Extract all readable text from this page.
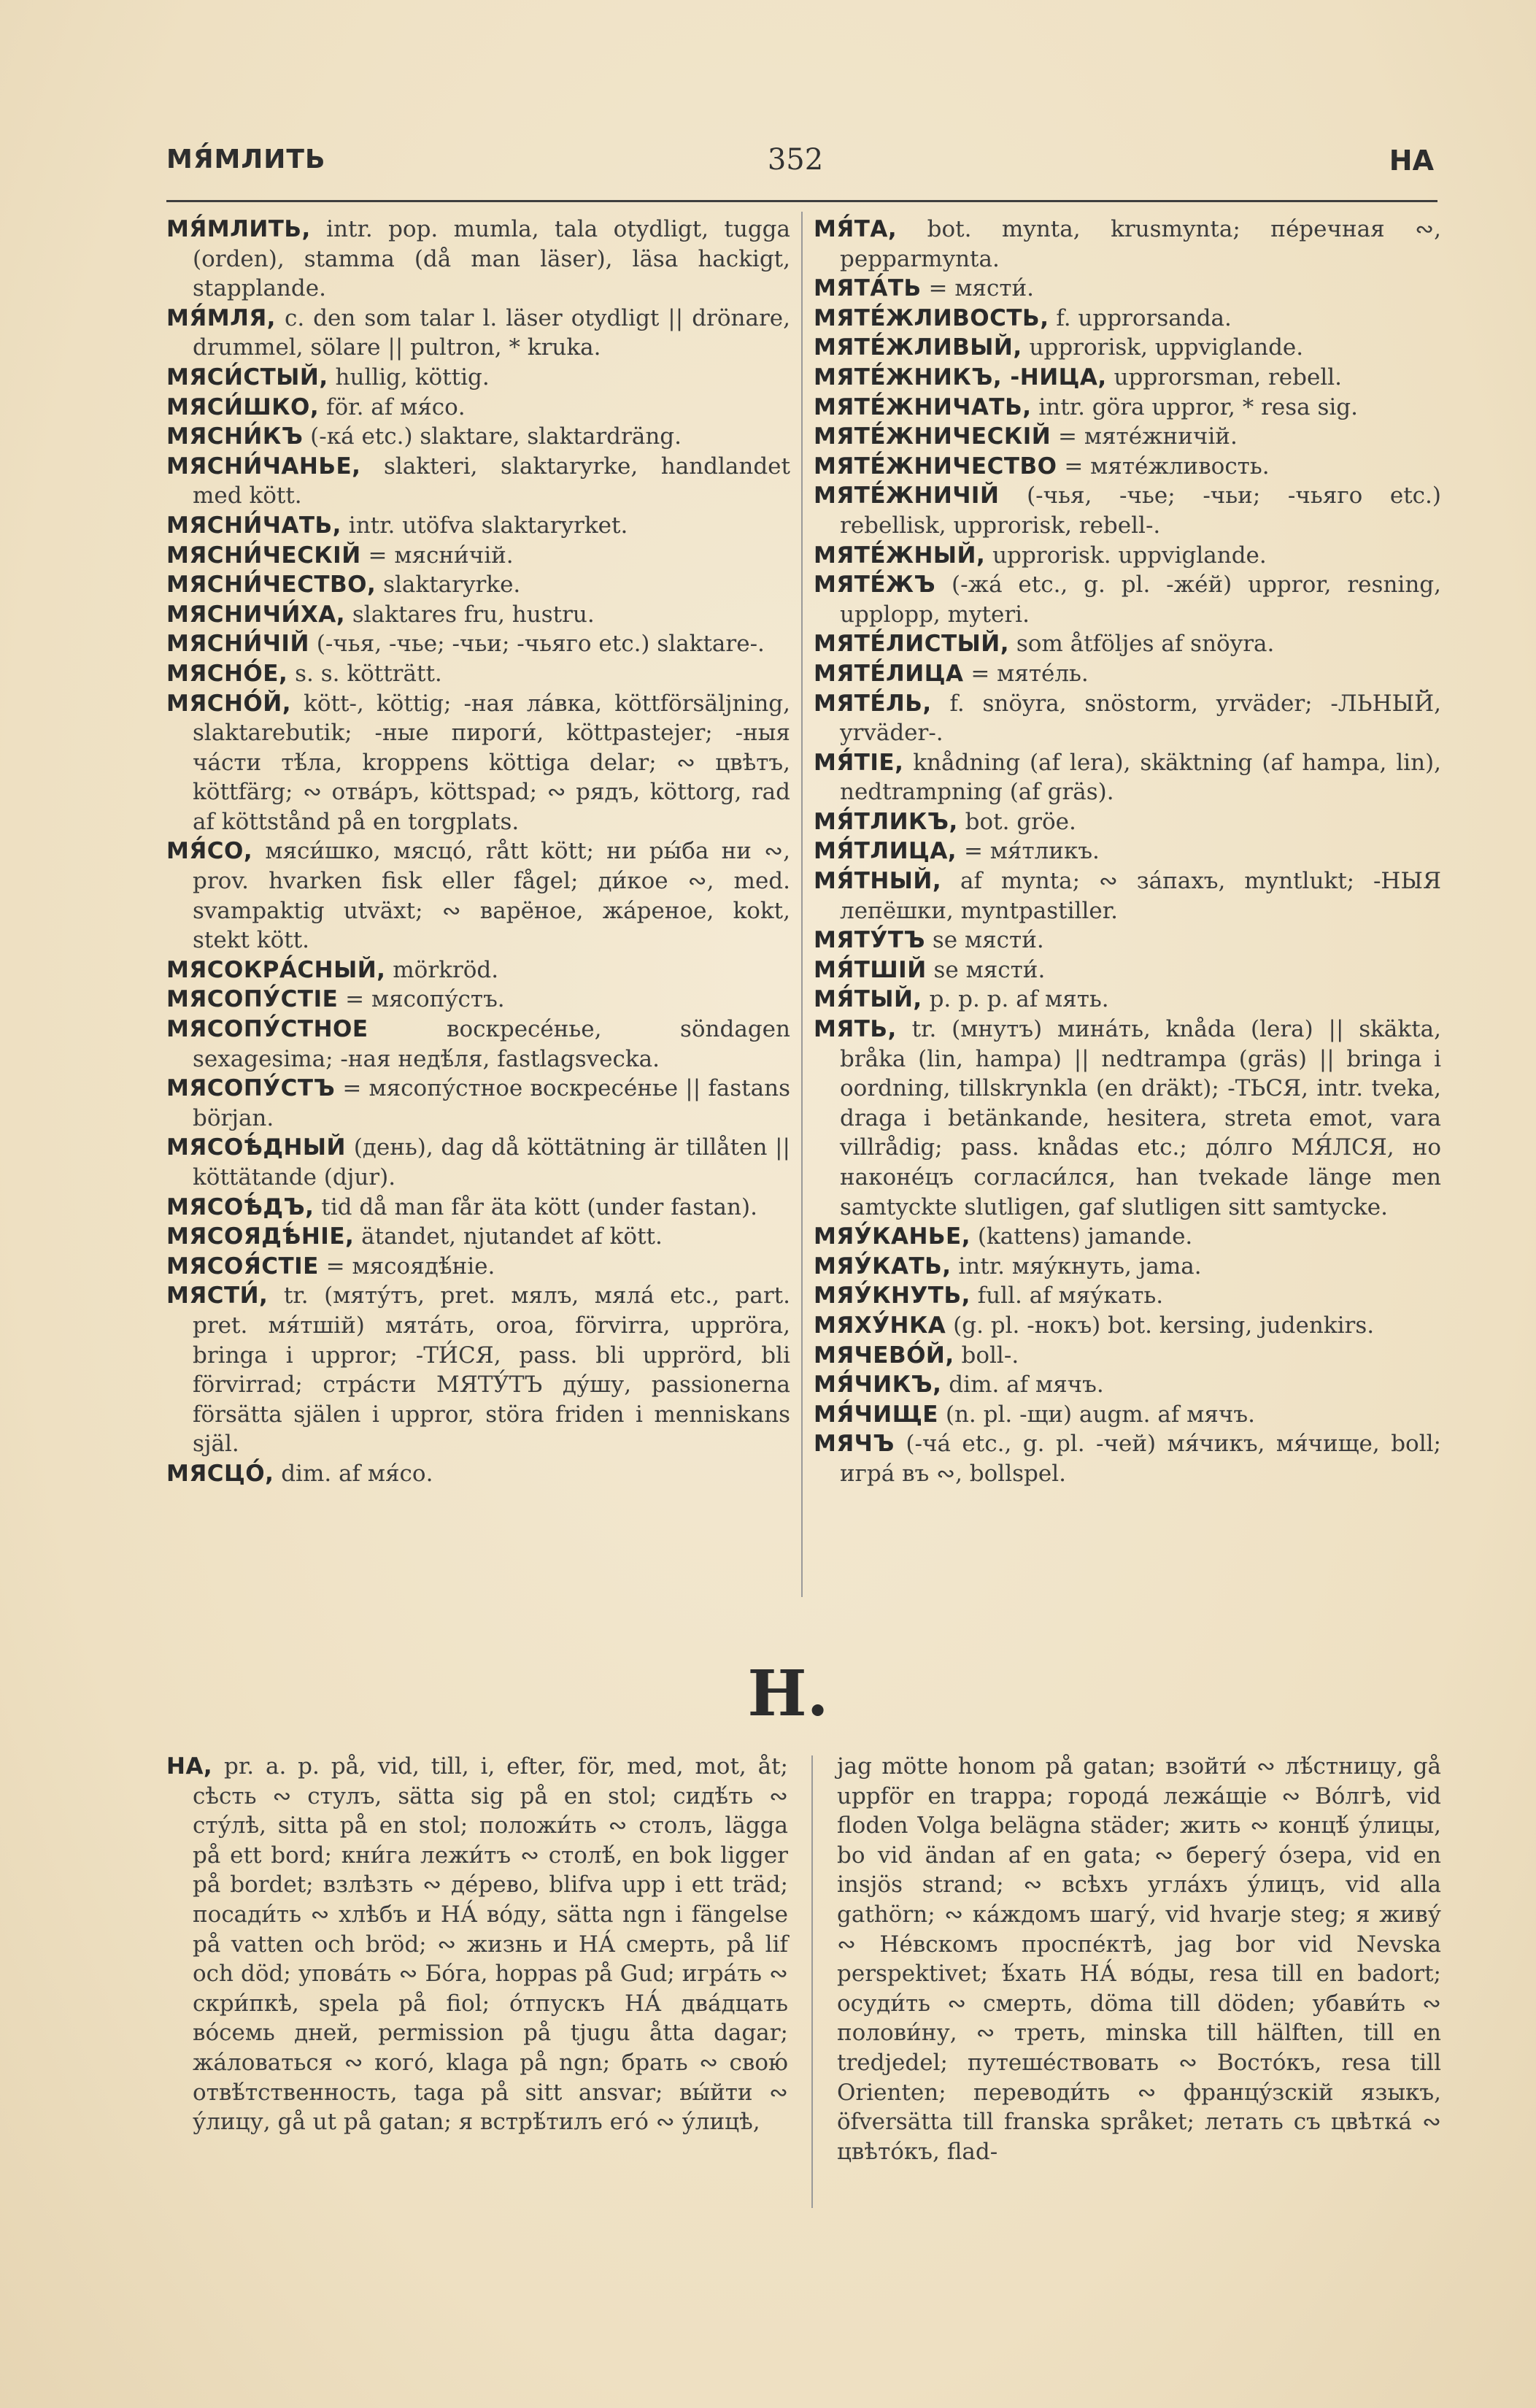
МЯ́МЛИТЬ	352	НА

МЯ́МЛИТЬ, intr. pop. mumla, tala otydligt, tugga (orden), stamma (då man läser), läsa hackigt, stapplande.

МЯ́МЛЯ, c. den som talar l. läser otydligt || drönare, drummel, sölare || pultron, * kruka.

МЯСИ́СТЫЙ, hullig, köttig.

МЯСИ́ШКО, för. af мя́со.

МЯСНИ́КЪ (-ка́ etc.) slaktare, slaktardräng.

МЯСНИ́ЧАНЬЕ, slakteri, slaktaryrke, handlandet med kött.

МЯСНИ́ЧАТЬ, intr. utöfva slaktaryrket.

МЯСНИ́ЧЕСКІЙ = мясни́чій.

МЯСНИ́ЧЕСТВО, slaktaryrke.

МЯСНИЧИ́ХА, slaktares fru, hustru.

МЯСНИ́ЧІЙ (-чья, -чье; -чьи; -чьяго etc.) slaktare-.

МЯСНО́Е, s. s. kötträtt.

МЯСНО́Й, kött-, köttig; -ная ла́вка, köttförsäljning, slaktarebutik; -ные пироги́, köttpastejer; -ныя ча́сти тѣ́ла, kroppens köttiga delar; ∾ цвѣтъ, köttfärg; ∾ отва́ръ, köttspad; ∾ рядъ, köttorg, rad af köttstånd på en torgplats.

МЯ́СО, мяси́шко, мясцо́, rått kött; ни ры́ба ни ∾, prov. hvarken fisk eller fågel; ди́кое ∾, med. svampaktig utväxt; ∾ варёное, жа́реное, kokt, stekt kött.

МЯСОКРА́СНЫЙ, mörkröd.

МЯСОПУ́СТІЕ = мясопу́стъ.

МЯСОПУ́СТНОЕ воскресе́нье, söndagen sexagesima; -ная недѣ́ля, fastlagsvecka.

МЯСОПУ́СТЪ = мясопу́стное воскресе́нье || fastans början.

МЯСОѢ́ДНЫЙ (день), dag då köttätning är tillåten || köttätande (djur).

МЯСОѢ́ДЪ, tid då man får äta kött (under fastan).

МЯСОЯДѢ́НІЕ, ätandet, njutandet af kött.

МЯСОЯ́СТІЕ = мясоядѣ́ніе.

МЯСТИ́, tr. (мяту́тъ, pret. мялъ, мяла́ etc., part. pret. мя́тшій) мята́ть, oroa, förvirra, uppröra, bringa i uppror; -ТИ́СЯ, pass. bli upprörd, bli förvirrad; стра́сти МЯТУ́ТЪ ду́шу, passionerna försätta själen i uppror, störa friden i menniskans själ.

МЯСЦО́, dim. af мя́со.

МЯ́ТА, bot. mynta, krusmynta; пе́речная ∾, pepparmynta.

МЯТА́ТЬ = мясти́.

МЯТЕ́ЖЛИВОСТЬ, f. upprorsanda.

МЯТЕ́ЖЛИВЫЙ, upprorisk, uppviglande.

МЯТЕ́ЖНИКЪ, -НИЦА, upprorsman, rebell.

МЯТЕ́ЖНИЧАТЬ, intr. göra uppror, * resa sig.

МЯТЕ́ЖНИЧЕСКІЙ = мяте́жничій.

МЯТЕ́ЖНИЧЕСТВО = мяте́жливость.

МЯТЕ́ЖНИЧІЙ (-чья, -чье; -чьи; -чьяго etc.) rebellisk, upprorisk, rebell-.

МЯТЕ́ЖНЫЙ, upprorisk. uppviglande.

МЯТЕ́ЖЪ (-жа́ etc., g. pl. -же́й) uppror, resning, upplopp, myteri.

МЯТЕ́ЛИСТЫЙ, som åtföljes af snöyra.

МЯТЕ́ЛИЦА = мяте́ль.

МЯТЕ́ЛЬ, f. snöyra, snöstorm, yrväder; -ЛЬНЫЙ, yrväder-.

МЯ́ТІЕ, knådning (af lera), skäktning (af hampa, lin), nedtrampning (af gräs).

МЯ́ТЛИКЪ, bot. gröe.

МЯ́ТЛИЦА, = мя́тликъ.

МЯ́ТНЫЙ, af mynta; ∾ за́пахъ, myntlukt; -НЫЯ лепёшки, myntpastiller.

МЯТУ́ТЪ se мясти́.

МЯ́ТШІЙ se мясти́.

МЯ́ТЫЙ, p. p. p. af мять.

МЯТЬ, tr. (мнутъ) мина́ть, knåda (lera) || skäkta, bråka (lin, hampa) || nedtrampa (gräs) || bringa i oordning, tillskrynkla (en dräkt); -ТЬСЯ, intr. tveka, draga i betänkande, hesitera, streta emot, vara villrådig; pass. knådas etc.; до́лго МЯ́ЛСЯ, но наконе́цъ согласи́лся, han tvekade länge men samtyckte slutligen, gaf slutligen sitt samtycke.

МЯУ́КАНЬЕ, (kattens) jamande.

МЯУ́КАТЬ, intr. мяу́кнуть, jama.

МЯУ́КНУТЬ, full. af мяу́кать.

МЯХУ́НКА (g. pl. -нокъ) bot. kersing, judenkirs.

МЯЧЕВО́Й, boll-.

МЯ́ЧИКЪ, dim. af мячъ.

МЯ́ЧИЩЕ (n. pl. -щи) augm. af мячъ.

МЯЧЪ (-ча́ etc., g. pl. -чей) мя́чикъ, мя́чище, boll; игра́ въ ∾, bollspel.

Н.

НА, pr. a. p. på, vid, till, i, efter, för, med, mot, åt; сѣсть ∾ стулъ, sätta sig på en stol; сидѣ́ть ∾ сту́лѣ, sitta på en stol; положи́ть ∾ столъ, lägga på ett bord; кни́га лежи́тъ ∾ столѣ́, en bok ligger på bordet; взлѣзть ∾ де́рево, blifva upp i ett träd; посади́ть ∾ хлѣбъ и НА́ во́ду, sätta ngn i fängelse på vatten och bröd; ∾ жизнь и НА́ смерть, på lif och död; упова́ть ∾ Бо́га, hoppas på Gud; игра́ть ∾ скри́пкѣ, spela på fiol; о́тпускъ НА́ два́дцать во́семь дней, permission på tjugu åtta dagar; жа́ловаться ∾ кого́, klaga på ngn; брать ∾ свою́ отвѣ́тственность, taga på sitt ansvar; вы́йти ∾ у́лицу, gå ut på gatan; я встрѣ́тилъ его́ ∾ у́лицѣ,

jag mötte honom på gatan; взойти́ ∾ лѣ́стницу, gå uppför en trappa; города́ лежа́щіе ∾ Во́лгѣ, vid floden Volga belägna städer; жить ∾ концѣ́ у́лицы, bo vid ändan af en gata; ∾ берегу́ о́зера, vid en insjös strand; ∾ всѣхъ угла́хъ у́лицъ, vid alla gathörn; ∾ ка́ждомъ шагу́, vid hvarje steg; я живу́ ∾ Не́вскомъ проспе́ктѣ, jag bor vid Nevska perspektivet; ѣ́хать НА́ во́ды, resa till en badort; осуди́ть ∾ смерть, döma till döden; убави́ть ∾ полови́ну, ∾ треть, minska till hälften, till en tredjedel; путеше́ствовать ∾ Восто́къ, resa till Orienten; переводи́ть ∾ францу́зскій языкъ, öfversätta till franska språket; летать съ цвѣтка́ ∾ цвѣто́къ, flad-
